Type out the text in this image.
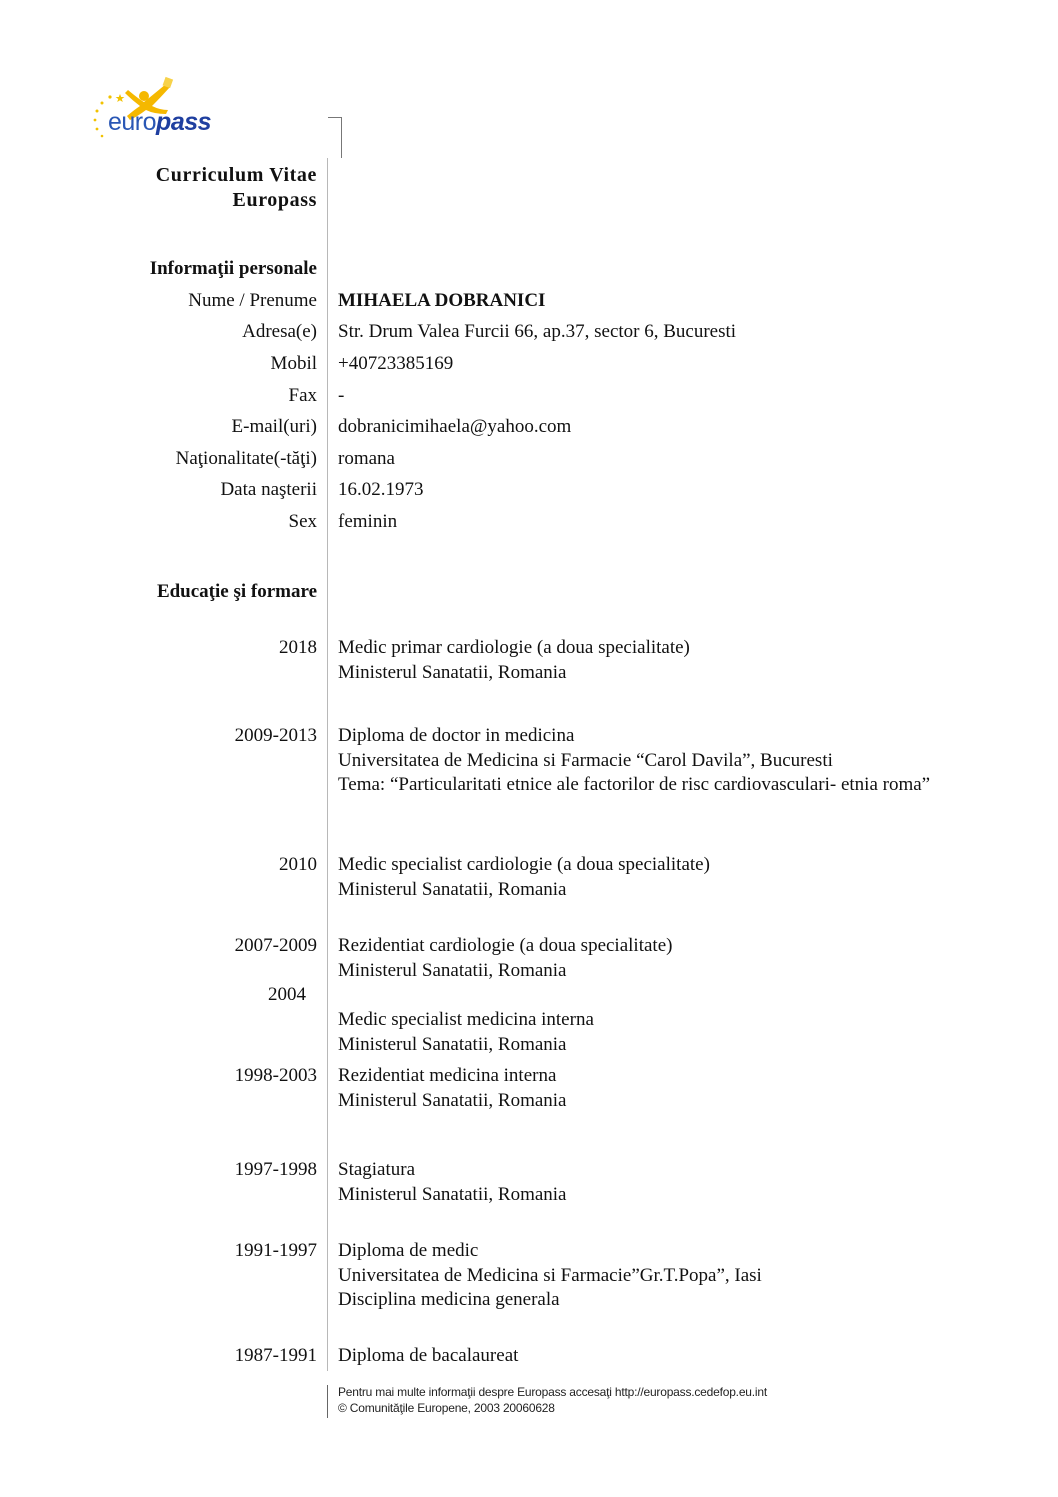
europass
Curriculum Vitae
Europass
Informaţii personale
Nume / Prenume MIHAELA DOBRANICI
Adresa(e) Str. Drum Valea Furcii 66, ap.37, sector 6, Bucuresti
Mobil +40723385169
Fax -
E-mail(uri) dobranicimihaela@yahoo.com
Naţionalitate(-tăţi) romana
Data naşterii 16.02.1973
Sex feminin
Educaţie şi formare
2018 Medic primar cardiologie (a doua specialitate)
Ministerul Sanatatii, Romania
2009-2013 Diploma de doctor in medicina
Universitatea de Medicina si Farmacie “Carol Davila”, Bucuresti
Tema: “Particularitati etnice ale factorilor de risc cardiovasculari- etnia roma”
2010 Medic specialist cardiologie (a doua specialitate)
Ministerul Sanatatii, Romania
2007-2009 Rezidentiat cardiologie (a doua specialitate)
Ministerul Sanatatii, Romania
2004
Medic specialist medicina interna
Ministerul Sanatatii, Romania
1998-2003 Rezidentiat medicina interna
Ministerul Sanatatii, Romania
1997-1998 Stagiatura
Ministerul Sanatatii, Romania
1991-1997 Diploma de medic
Universitatea de Medicina si Farmacie”Gr.T.Popa”, Iasi
Disciplina medicina generala
1987-1991 Diploma de bacalaureat
Pentru mai multe informaţii despre Europass accesaţi http://europass.cedefop.eu.int
© Comunităţile Europene, 2003 20060628
